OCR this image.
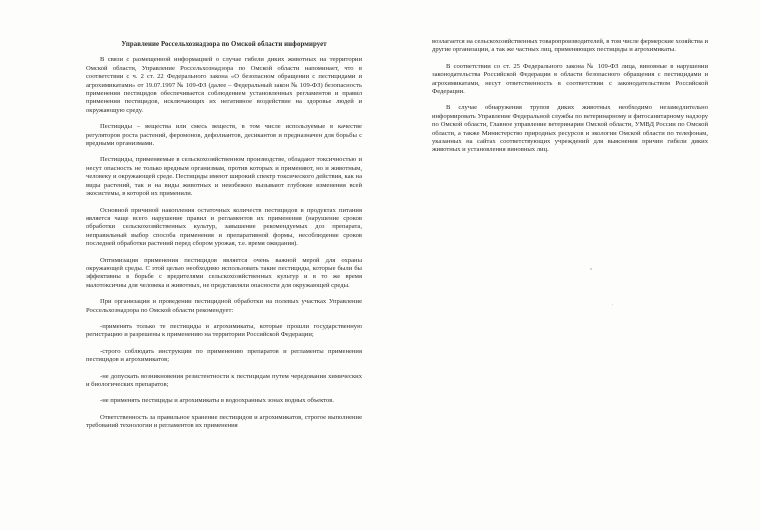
Управление Россельхознадзора по Омской области информирует

В связи с размещенной информацией о случае гибели диких животных на территории Омской области, Управление Россельхознадзора по Омской области напоминает, что в соответствии с ч. 2 ст. 22 Федерального закона «О безопасном обращении с пестицидами и агрохимикатами» от 19.07.1997 № 109-ФЗ (далее – Федеральный закон № 109-ФЗ) безопасность применения пестицидов обеспечивается соблюдением установленных регламентов и правил применения пестицидов, исключающих их негативное воздействие на здоровье людей и окружающую среду.

Пестициды – вещества или смесь веществ, в том числе используемые в качестве регуляторов роста растений, феромонов, дефолиантов, десикантов и предназначен для борьбы с вредными организмами.

Пестициды, применяемые в сельскохозяйственном производстве, обладают токсичностью и несут опасность не только вредным организмам, против которых и применяют, но и животным, человеку и окружающей среде. Пестициды имеют широкий спектр токсического действия, как на виды растений, так и на виды животных и неизбежно вызывают глубокие изменения всей экосистемы, в которой их применили.

Основной причиной накопления остаточных количеств пестицидов в продуктах питания является чаще всего нарушение правил и регламентов их применения (нарушение сроков обработки сельскохозяйственных культур, завышение рекомендуемых доз препарата, неправильный выбор способа применения и препаративной формы, несоблюдение сроков последней обработки растений перед сбором урожая, т.е. время ожидания).

Оптимизация применения пестицидов является очень важной мерой для охраны окружающей среды. С этой целью необходимо использовать такие пестициды, которые были бы эффективны в борьбе с вредителями сельскохозяйственных культур и в то же время малотоксичны для человека и животных, не представляли опасности для окружающей среды.

При организации и проведении пестицидной обработки на полевых участках Управление Россельхознадзора по Омской области рекомендует:

-применять только те пестициды и агрохимикаты, которые прошли государственную регистрацию и разрешены к применению на территории Российской Федерации;

-строго соблюдать инструкции по применению препаратов и регламенты применения пестицидов и агрохимикатов;

-не допускать возникновения резистентности к пестицидам путем чередования химических и биологических препаратов;

-не применять пестициды и агрохимикаты в водоохранных зонах водных объектов.

Ответственность за правильное хранение пестицидов и агрохимикатов, строгое выполнение требований технологии и регламентов их применения

возлагается на сельскохозяйственных товаропроизводителей, в том числе фермерские хозяйства и другие организации, а так же частных лиц, применяющих пестициды и агрохимикаты.

В соответствии со ст. 25 Федерального закона № 109-ФЗ лица, виновные в нарушении законодательства Российской Федерации в области безопасного обращения с пестицидами и агрохимикатами, несут ответственность в соответствии с законодательством Российской Федерации.

В случае обнаружения трупов диких животных необходимо незамедлительно информировать Управление Федеральной службы по ветеринарному и фитосанитарному надзору по Омской области, Главное управление ветеринарии Омской области, УМВД России по Омской области, а также Министерство природных ресурсов и экологии Омской области по телефонам, указанных на сайтах соответствующих учреждений для выяснения причин гибели диких животных и установления виновных лиц.
